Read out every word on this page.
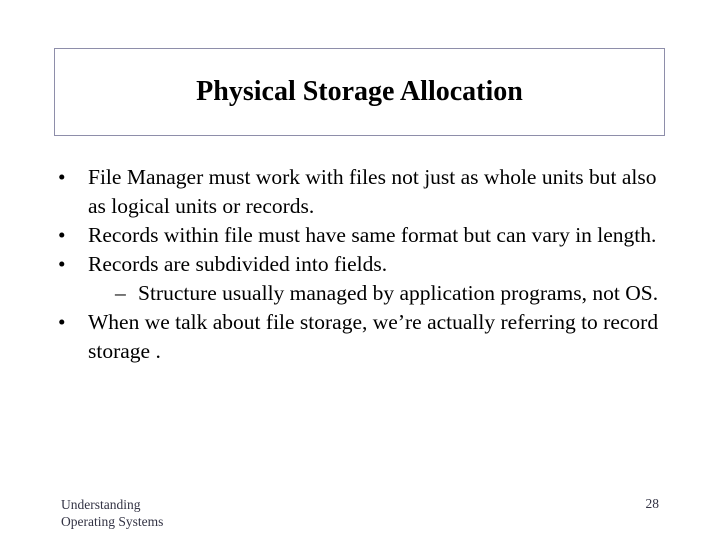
Physical Storage Allocation
•	File Manager must work with files not just as whole units but also as logical units or records.
•	Records within file must have same format but can vary in length.
•	Records are subdivided into fields.
– Structure usually managed by application programs, not OS.
•	When we talk about file storage, we’re actually referring to record storage .
Understanding
Operating Systems
28
